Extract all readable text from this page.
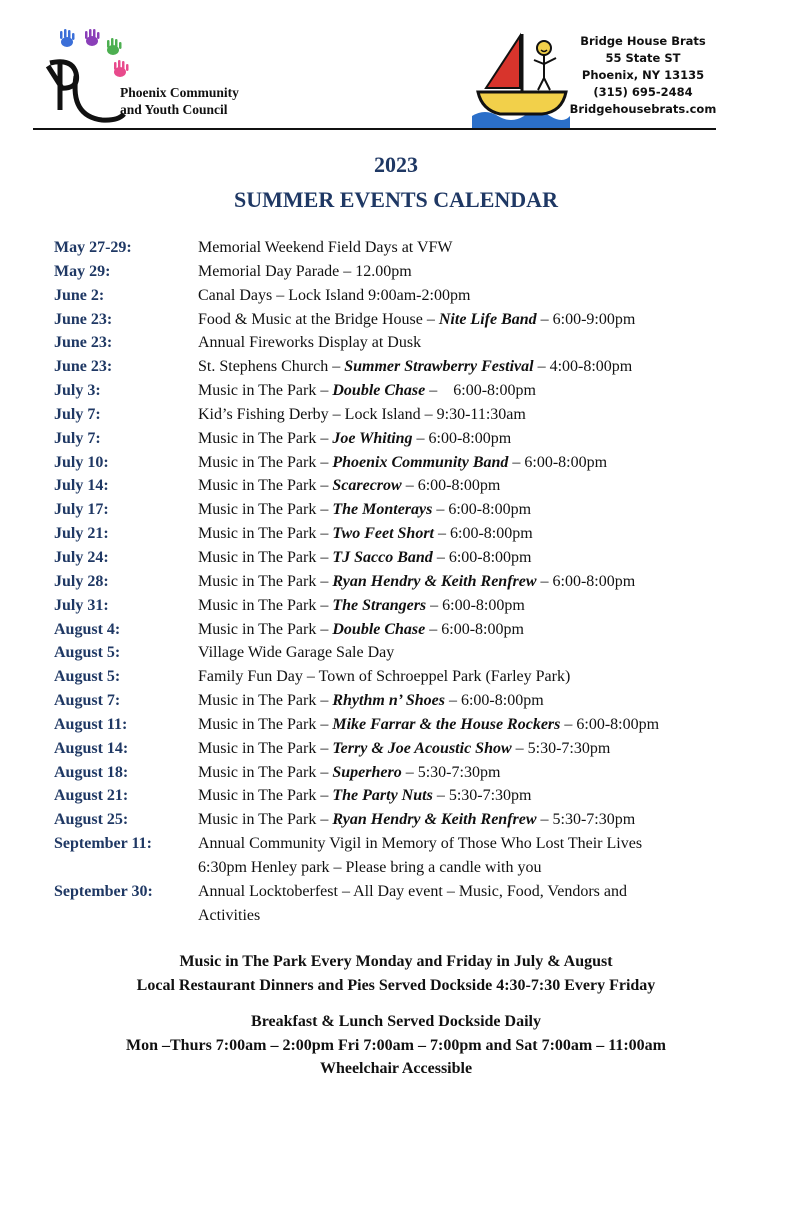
Phoenix Community
and Youth Council
Bridge House Brats
55 State ST
Phoenix, NY 13135
(315) 695-2484
Bridgehousebrats.com
2023
SUMMER EVENTS CALENDAR
May 27-29:	Memorial Weekend Field Days at VFW
May 29:	Memorial Day Parade – 12.00pm
June 2:	Canal Days – Lock Island 9:00am-2:00pm
June 23:	Food & Music at the Bridge House – Nite Life Band – 6:00-9:00pm
June 23:	Annual Fireworks Display at Dusk
June 23:	St. Stephens Church – Summer Strawberry Festival – 4:00-8:00pm
July 3:	Music in The Park – Double Chase –    6:00-8:00pm
July 7:	Kid’s Fishing Derby – Lock Island – 9:30-11:30am
July 7:	Music in The Park – Joe Whiting – 6:00-8:00pm
July 10:	Music in The Park – Phoenix Community Band – 6:00-8:00pm
July 14:	Music in The Park – Scarecrow – 6:00-8:00pm
July 17:	Music in The Park – The Monterays – 6:00-8:00pm
July 21:	Music in The Park – Two Feet Short – 6:00-8:00pm
July 24:	Music in The Park – TJ Sacco Band – 6:00-8:00pm
July 28:	Music in The Park – Ryan Hendry & Keith Renfrew – 6:00-8:00pm
July 31:	Music in The Park – The Strangers – 6:00-8:00pm
August 4:	Music in The Park – Double Chase – 6:00-8:00pm
August 5:	Village Wide Garage Sale Day
August 5:	Family Fun Day – Town of Schroeppel Park (Farley Park)
August 7:	Music in The Park – Rhythm n’ Shoes – 6:00-8:00pm
August 11:	Music in The Park – Mike Farrar & the House Rockers – 6:00-8:00pm
August 14:	Music in The Park – Terry & Joe Acoustic Show – 5:30-7:30pm
August 18:	Music in The Park – Superhero – 5:30-7:30pm
August 21:	Music in The Park – The Party Nuts – 5:30-7:30pm
August 25:	Music in The Park – Ryan Hendry & Keith Renfrew – 5:30-7:30pm
September 11:	Annual Community Vigil in Memory of Those Who Lost Their Lives
6:30pm Henley park – Please bring a candle with you
September 30:	Annual Locktoberfest – All Day event – Music, Food, Vendors and
Activities
Music in The Park Every Monday and Friday in July & August
Local Restaurant Dinners and Pies Served Dockside 4:30-7:30 Every Friday
Breakfast & Lunch Served Dockside Daily
Mon –Thurs 7:00am – 2:00pm Fri 7:00am – 7:00pm and Sat 7:00am – 11:00am
Wheelchair Accessible
